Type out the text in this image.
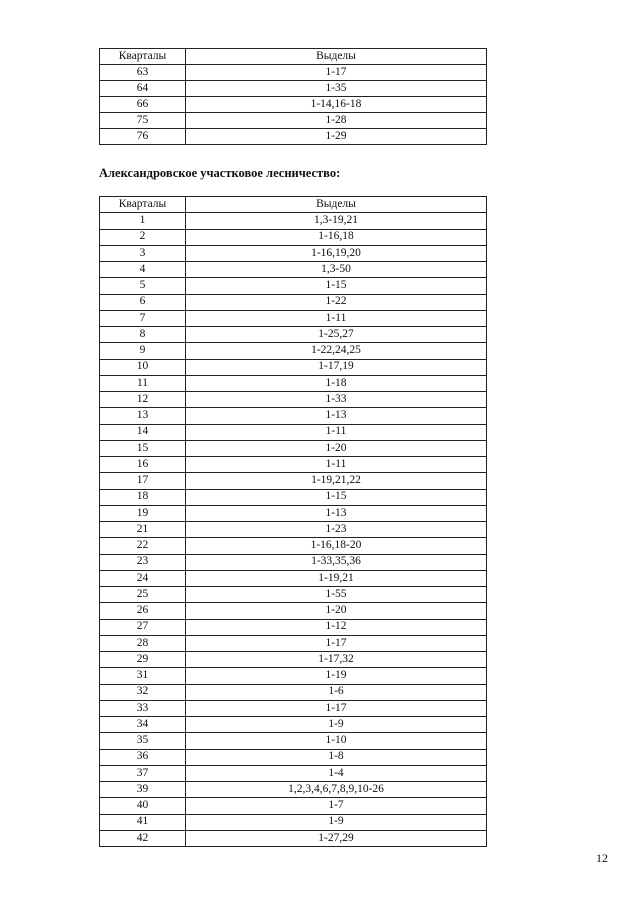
Кварталы	Выделы
63	1-17
64	1-35
66	1-14,16-18
75	1-28
76	1-29

Александровское участковое лесничество:

Кварталы	Выделы
1	1,3-19,21
2	1-16,18
3	1-16,19,20
4	1,3-50
5	1-15
6	1-22
7	1-11
8	1-25,27
9	1-22,24,25
10	1-17,19
11	1-18
12	1-33
13	1-13
14	1-11
15	1-20
16	1-11
17	1-19,21,22
18	1-15
19	1-13
21	1-23
22	1-16,18-20
23	1-33,35,36
24	1-19,21
25	1-55
26	1-20
27	1-12
28	1-17
29	1-17,32
31	1-19
32	1-6
33	1-17
34	1-9
35	1-10
36	1-8
37	1-4
39	1,2,3,4,6,7,8,9,10-26
40	1-7
41	1-9
42	1-27,29
12
